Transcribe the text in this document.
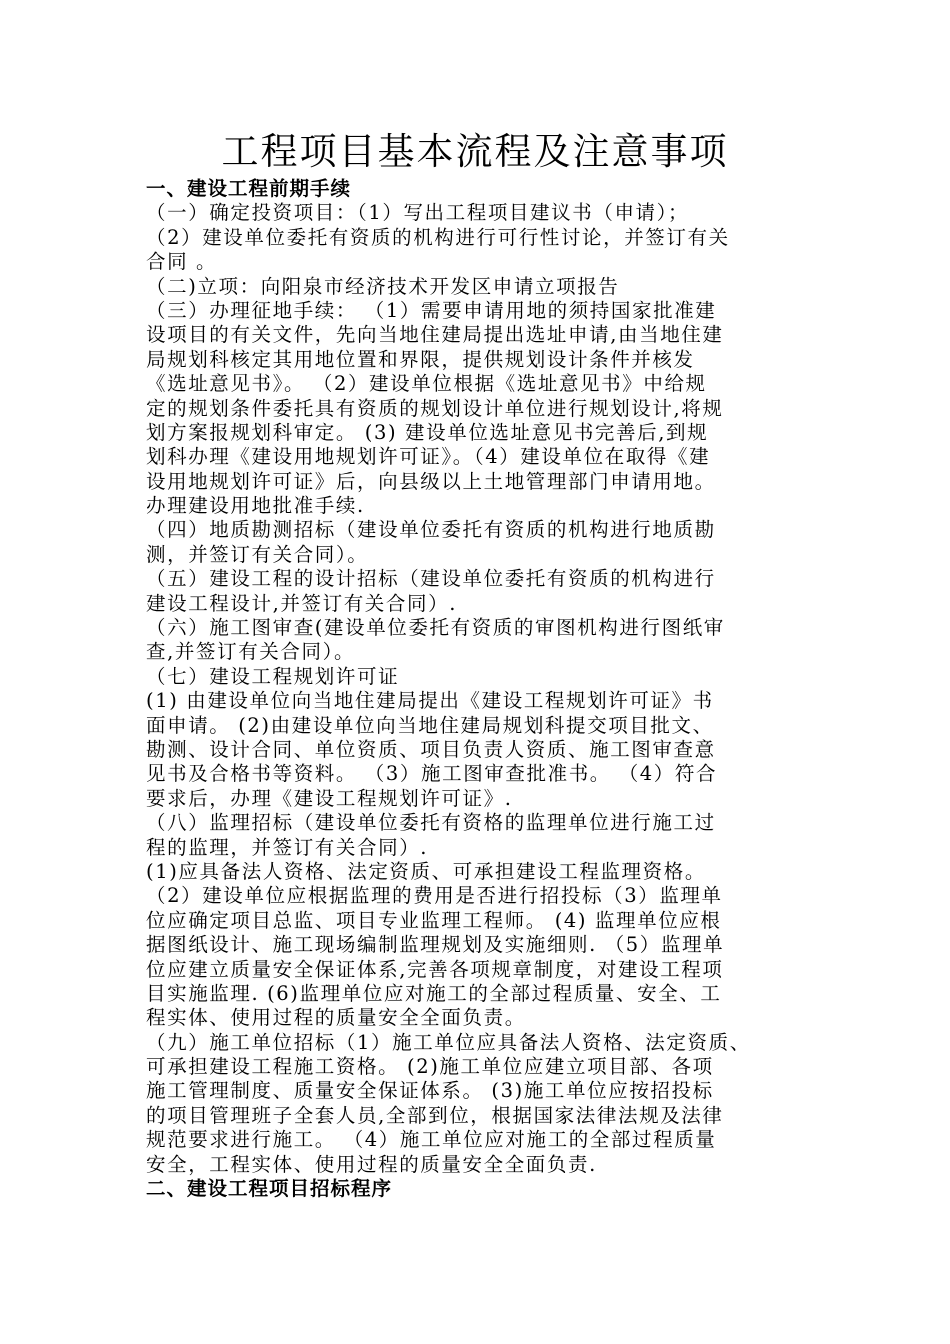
工程项目基本流程及注意事项
一、建设工程前期手续
（一）确定投资项目：（1）写出工程项目建议书（申请）；
（2）建设单位委托有资质的机构进行可行性讨论，并签订有关
合同 。
（二)立项：向阳泉市经济技术开发区申请立项报告
（三）办理征地手续： （1）需要申请用地的须持国家批准建
设项目的有关文件，先向当地住建局提出选址申请,由当地住建
局规划科核定其用地位置和界限，提供规划设计条件并核发
《选址意见书》。 （2）建设单位根据《选址意见书》中给规
定的规划条件委托具有资质的规划设计单位进行规划设计,将规
划方案报规划科审定。 (3) 建设单位选址意见书完善后,到规
划科办理《建设用地规划许可证》。（4）建设单位在取得《建
设用地规划许可证》后，向县级以上土地管理部门申请用地。
办理建设用地批准手续.
（四）地质勘测招标（建设单位委托有资质的机构进行地质勘
测，并签订有关合同）。
（五）建设工程的设计招标（建设单位委托有资质的机构进行
建设工程设计,并签订有关合同）.
（六）施工图审查(建设单位委托有资质的审图机构进行图纸审
查,并签订有关合同）。
（七）建设工程规划许可证
(1) 由建设单位向当地住建局提出《建设工程规划许可证》书
面申请。 (2)由建设单位向当地住建局规划科提交项目批文、
勘测、设计合同、单位资质、项目负责人资质、施工图审查意
见书及合格书等资料。 （3）施工图审查批准书。 （4）符合
要求后，办理《建设工程规划许可证》.
（八）监理招标（建设单位委托有资格的监理单位进行施工过
程的监理，并签订有关合同）.
(1)应具备法人资格、法定资质、可承担建设工程监理资格。
（2）建设单位应根据监理的费用是否进行招投标（3）监理单
位应确定项目总监、项目专业监理工程师。 (4) 监理单位应根
据图纸设计、施工现场编制监理规划及实施细则. （5）监理单
位应建立质量安全保证体系,完善各项规章制度，对建设工程项
目实施监理. (6)监理单位应对施工的全部过程质量、安全、工
程实体、使用过程的质量安全全面负责。
（九）施工单位招标（1）施工单位应具备法人资格、法定资质、
可承担建设工程施工资格。 (2)施工单位应建立项目部、各项
施工管理制度、质量安全保证体系。 (3)施工单位应按招投标
的项目管理班子全套人员,全部到位，根据国家法律法规及法律
规范要求进行施工。 （4）施工单位应对施工的全部过程质量
安全，工程实体、使用过程的质量安全全面负责.
二、建设工程项目招标程序
